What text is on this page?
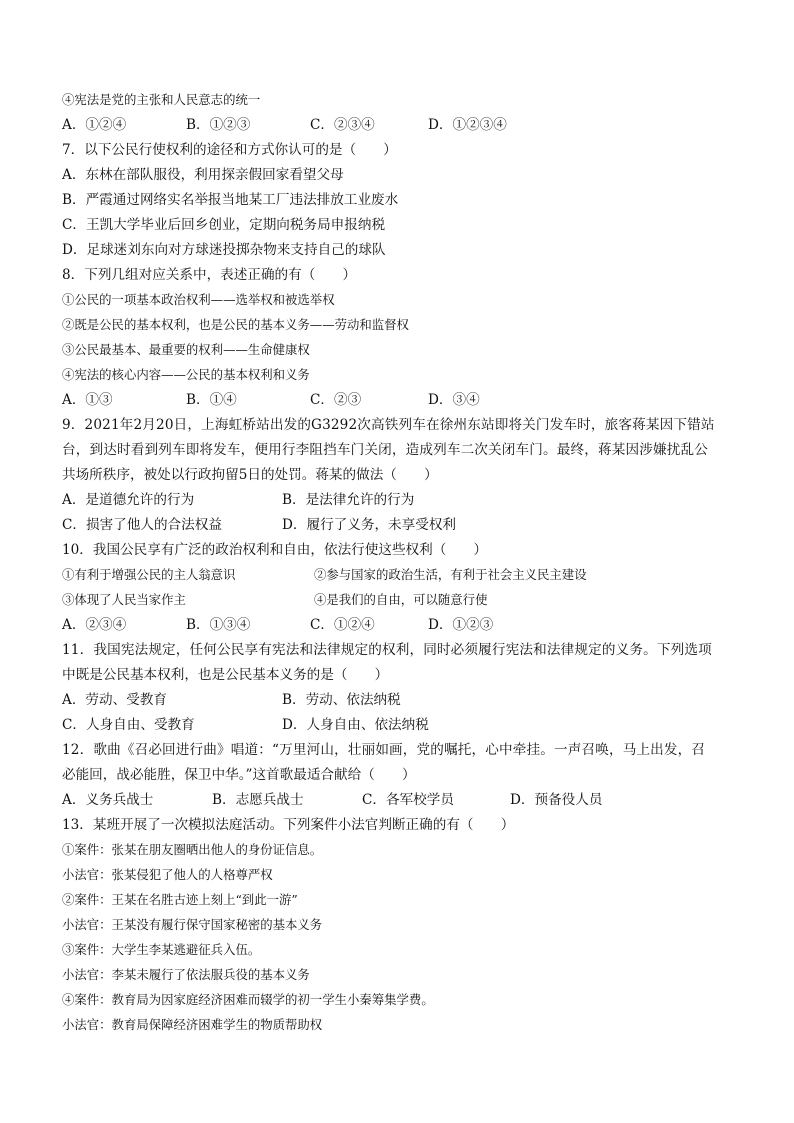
④宪法是党的主张和人民意志的统一
A．①②④	B．①②③	C．②③④	D．①②③④
7．以下公民行使权利的途径和方式你认可的是（　　）
A．东林在部队服役，利用探亲假回家看望父母
B．严霞通过网络实名举报当地某工厂违法排放工业废水
C．王凯大学毕业后回乡创业，定期向税务局申报纳税
D．足球迷刘东向对方球迷投掷杂物来支持自己的球队
8．下列几组对应关系中，表述正确的有（　　）
①公民的一项基本政治权利——选举权和被选举权
②既是公民的基本权利，也是公民的基本义务——劳动和监督权
③公民最基本、最重要的权利——生命健康权
④宪法的核心内容——公民的基本权利和义务
A．①③	B．①④	C．②③	D．③④
9．2021年2月20日，上海虹桥站出发的G3292次高铁列车在徐州东站即将关门发车时，旅客蒋某因下错站
台，到达时看到列车即将发车，便用行李阻挡车门关闭，造成列车二次关闭车门。最终，蒋某因涉嫌扰乱公
共场所秩序，被处以行政拘留5日的处罚。蒋某的做法（　　）
A．是道德允许的行为	B．是法律允许的行为
C．损害了他人的合法权益	D．履行了义务，未享受权利
10．我国公民享有广泛的政治权利和自由，依法行使这些权利（　　）
①有利于增强公民的主人翁意识	②参与国家的政治生活，有利于社会主义民主建设
③体现了人民当家作主	④是我们的自由，可以随意行使
A．②③④	B．①③④	C．①②④	D．①②③
11．我国宪法规定，任何公民享有宪法和法律规定的权利，同时必须履行宪法和法律规定的义务。下列选项
中既是公民基本权利，也是公民基本义务的是（　　）
A．劳动、受教育	B．劳动、依法纳税
C．人身自由、受教育	D．人身自由、依法纳税
12．歌曲《召必回进行曲》唱道：“万里河山，壮丽如画，党的嘱托，心中牵挂。一声召唤，马上出发，召
必能回，战必能胜，保卫中华。”这首歌最适合献给（　　）
A．义务兵战士	B．志愿兵战士	C．各军校学员	D．预备役人员
13．某班开展了一次模拟法庭活动。下列案件小法官判断正确的有（　　）
①案件：张某在朋友圈晒出他人的身份证信息。
小法官：张某侵犯了他人的人格尊严权
②案件：王某在名胜古迹上刻上“到此一游”
小法官：王某没有履行保守国家秘密的基本义务
③案件：大学生李某逃避征兵入伍。
小法官：李某未履行了依法服兵役的基本义务
④案件：教育局为因家庭经济困难而辍学的初一学生小秦筹集学费。
小法官：教育局保障经济困难学生的物质帮助权
